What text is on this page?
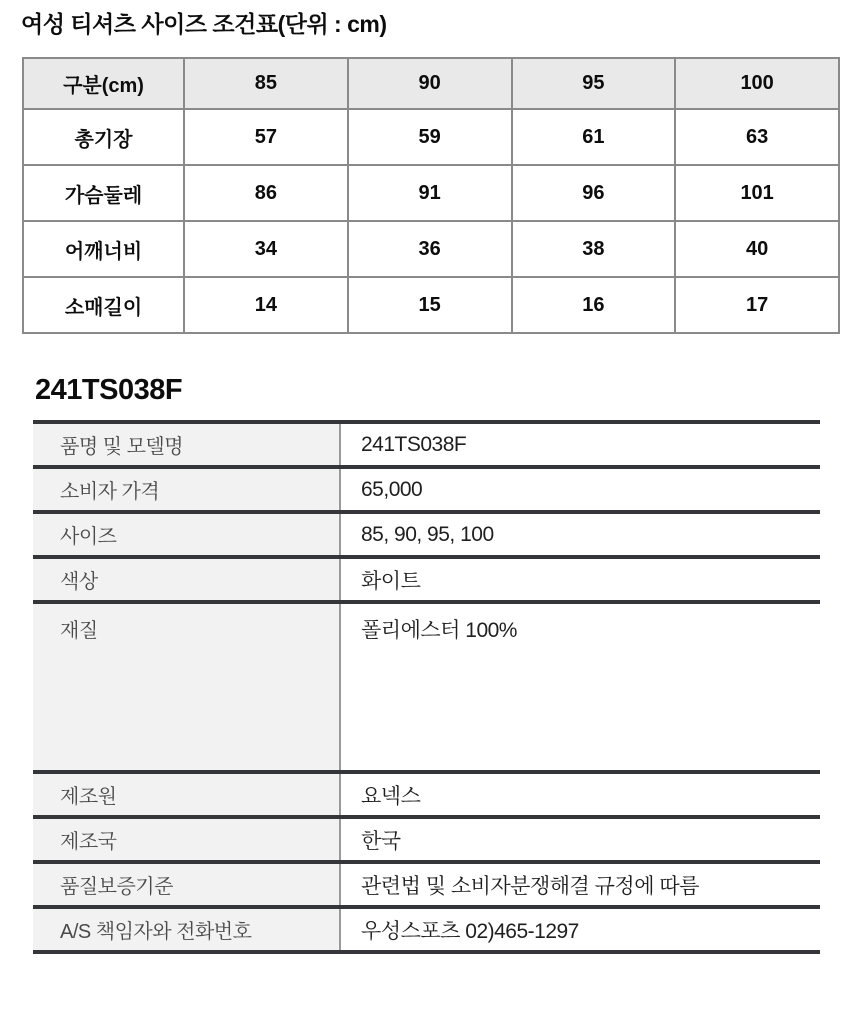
여성 티셔츠 사이즈 조건표(단위 : cm)
구분(cm)	85	90	95	100
총기장	57	59	61	63
가슴둘레	86	91	96	101
어깨너비	34	36	38	40
소매길이	14	15	16	17
241TS038F
품명 및 모델명	241TS038F
소비자 가격	65,000
사이즈	85, 90, 95, 100
색상	화이트
재질	폴리에스터 100%
제조원	요넥스
제조국	한국
품질보증기준	관련법 및 소비자분쟁해결 규정에 따름
A/S 책임자와 전화번호	우성스포츠 02)465-1297
